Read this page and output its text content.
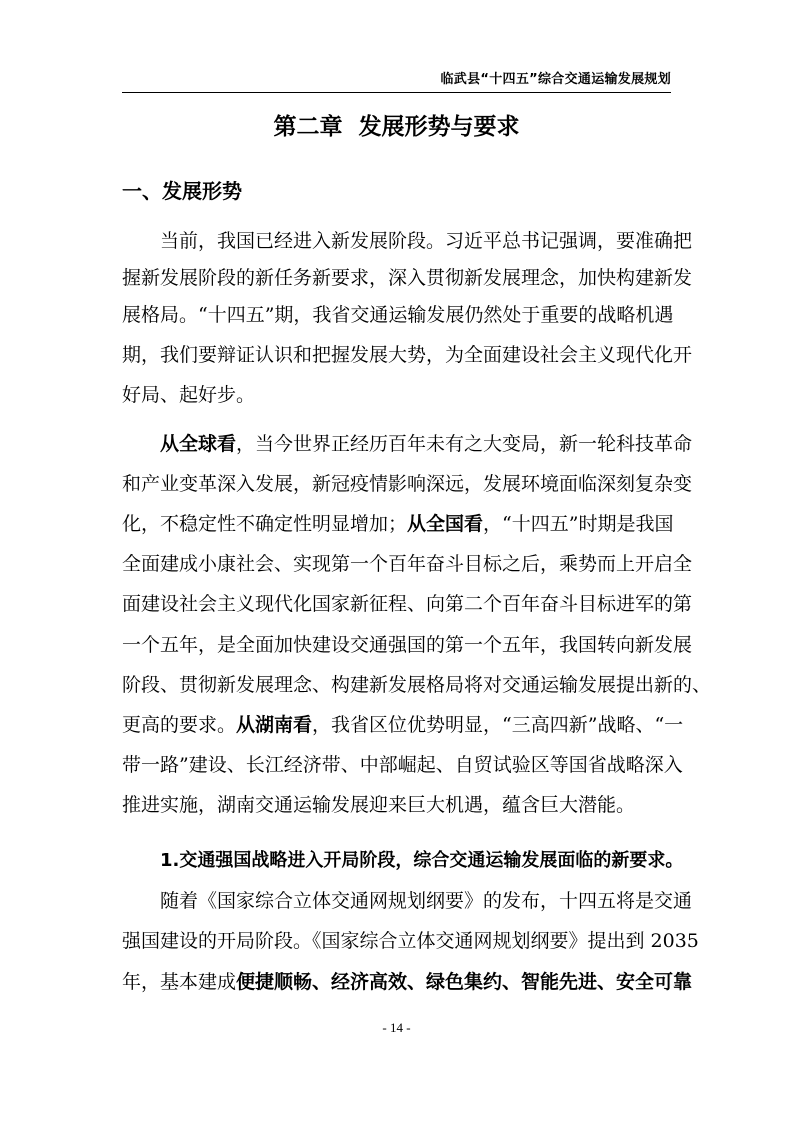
临武县“十四五”综合交通运输发展规划
第二章  发展形势与要求
一、发展形势
当前，我国已经进入新发展阶段。习近平总书记强调，要准确把
握新发展阶段的新任务新要求，深入贯彻新发展理念，加快构建新发
展格局。“十四五”期，我省交通运输发展仍然处于重要的战略机遇
期，我们要辩证认识和把握发展大势，为全面建设社会主义现代化开
好局、起好步。
从全球看，当今世界正经历百年未有之大变局，新一轮科技革命
和产业变革深入发展，新冠疫情影响深远，发展环境面临深刻复杂变
化，不稳定性不确定性明显增加；从全国看，“十四五”时期是我国
全面建成小康社会、实现第一个百年奋斗目标之后，乘势而上开启全
面建设社会主义现代化国家新征程、向第二个百年奋斗目标进军的第
一个五年，是全面加快建设交通强国的第一个五年，我国转向新发展
阶段、贯彻新发展理念、构建新发展格局将对交通运输发展提出新的、
更高的要求。从湖南看，我省区位优势明显，“三高四新”战略、“一
带一路”建设、长江经济带、中部崛起、自贸试验区等国省战略深入
推进实施，湖南交通运输发展迎来巨大机遇，蕴含巨大潜能。
1.交通强国战略进入开局阶段，综合交通运输发展面临的新要求。
随着《国家综合立体交通网规划纲要》的发布，十四五将是交通
强国建设的开局阶段。《国家综合立体交通网规划纲要》提出到 2035
年，基本建成便捷顺畅、经济高效、绿色集约、智能先进、安全可靠
- 14 -
